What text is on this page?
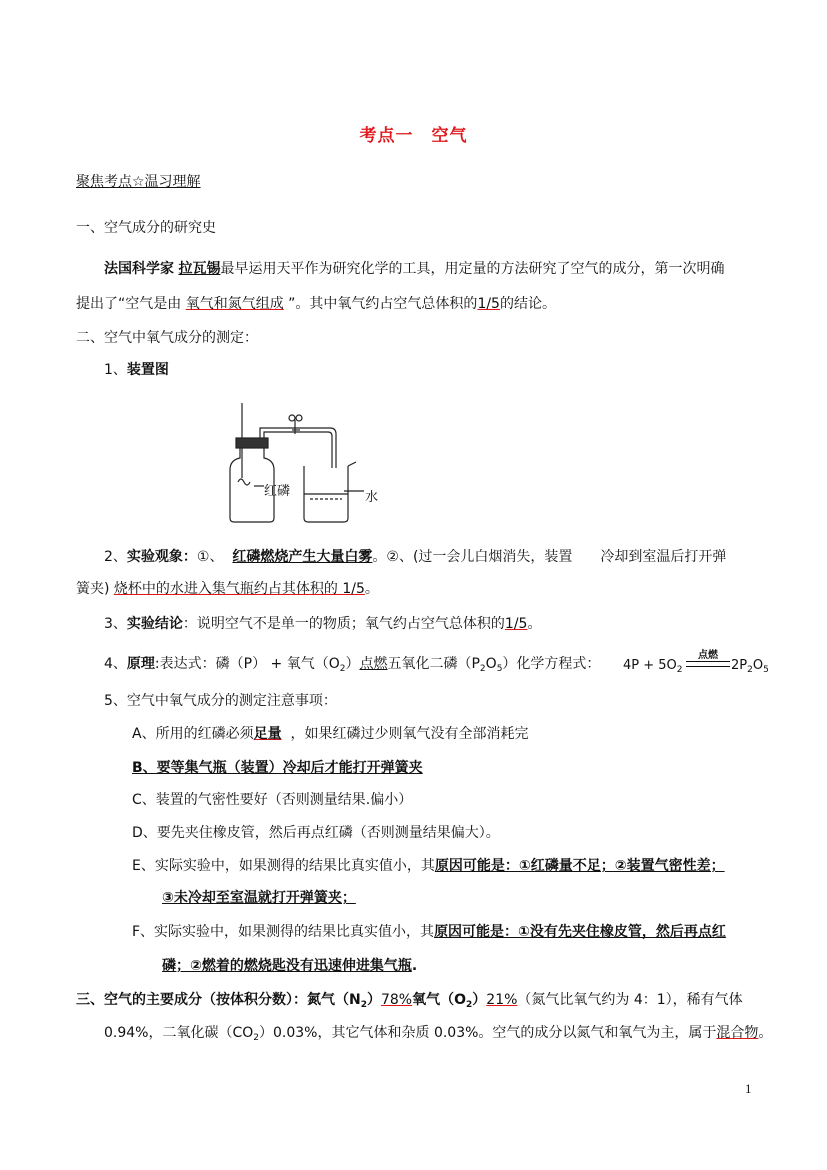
考点一　空气
聚焦考点☆温习理解
一、空气成分的研究史
法国科学家 拉瓦锡最早运用天平作为研究化学的工具，用定量的方法研究了空气的成分，第一次明确
提出了“空气是由 氧气和氮气组成 ”。其中氧气约占空气总体积的1/5的结论。
二、空气中氧气成分的测定：
1、装置图
红磷	水
2、实验观象：①、 红磷燃烧产生大量白雾。②、(过一会儿白烟消失，装置　　冷却到室温后打开弹
簧夹) 烧杯中的水进入集气瓶约占其体积的 1/5。
3、实验结论：说明空气不是单一的物质；氧气约占空气总体积的1/5。
4、原理:表达式：磷（P） + 氧气$(O_2)$点燃五氧化二磷$(P_2O_5)$化学方程式： $4P + 5O_2$
点燃
$2P_2O_5$
5、空气中氧气成分的测定注意事项：
A、所用的红磷必须足量 ，如果红磷过少则氧气没有全部消耗完
B、要等集气瓶（装置）冷却后才能打开弹簧夹
C、装置的气密性要好（否则测量结果.偏小）
D、要先夹住橡皮管，然后再点红磷（否则测量结果偏大）。
E、实际实验中，如果测得的结果比真实值小，其原因可能是：①红磷量不足；②装置气密性差；
③未冷却至室温就打开弹簧夹；
F、实际实验中，如果测得的结果比真实值小，其原因可能是：①没有先夹住橡皮管，然后再点红
磷；②燃着的燃烧匙没有迅速伸进集气瓶.
三、空气的主要成分（按体积分数）：氮气$(N_2)78\%$氧气$(O_2)21\%$（氮气比氧气约为 4：1），稀有气体
0.94%，二氧化碳$(CO_2)0.03\%$，其它气体和杂质 0.03%。空气的成分以氮气和氧气为主，属于混合物。
1
